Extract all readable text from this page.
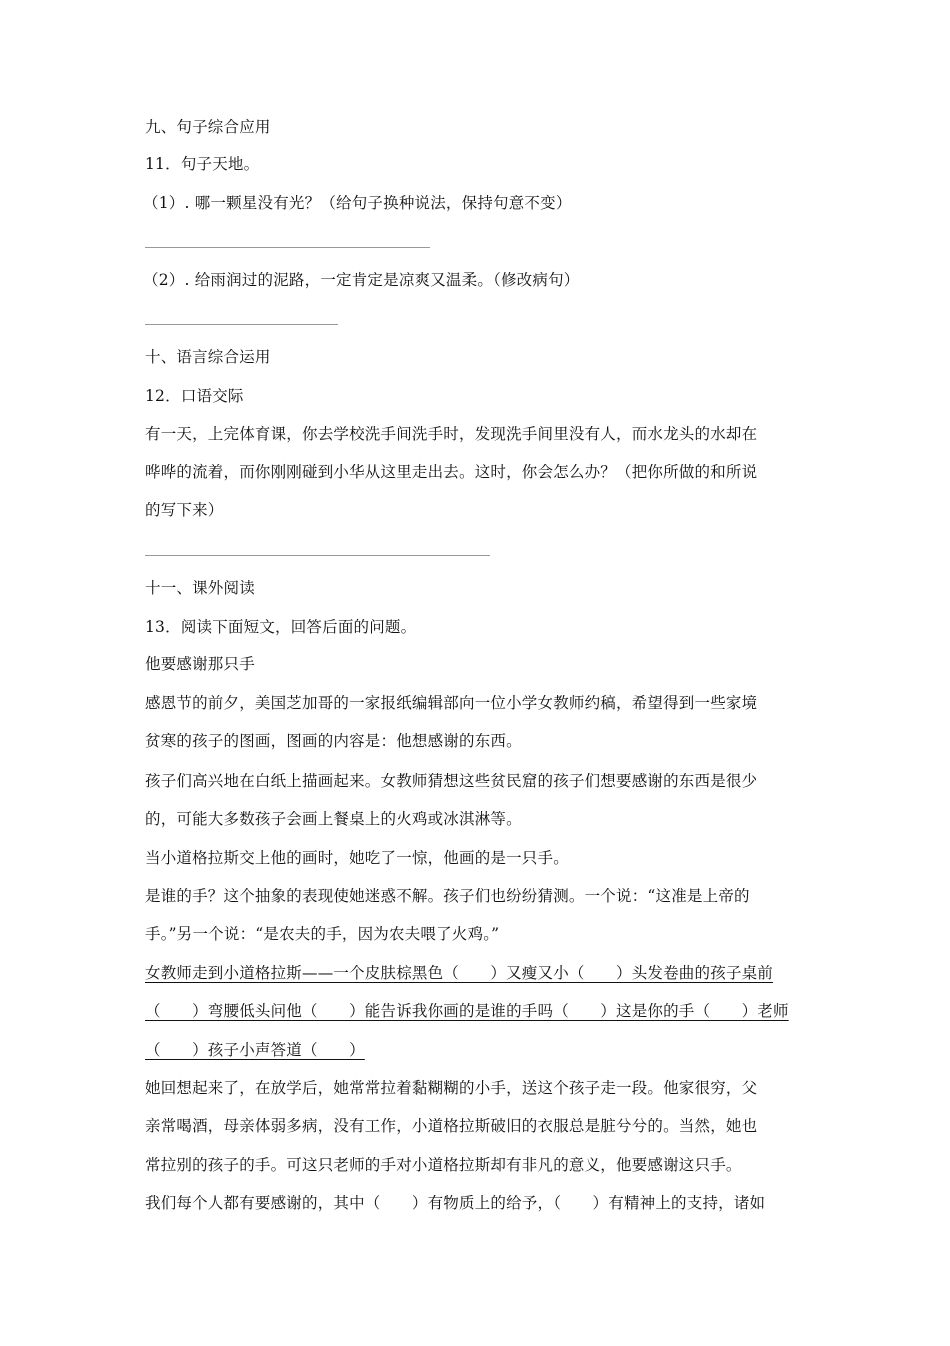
九、句子综合应用
11．句子天地。
（1）. 哪一颗星没有光？（给句子换种说法，保持句意不变）
（2）. 给雨润过的泥路，一定肯定是凉爽又温柔。（修改病句）
十、语言综合运用
12．口语交际
有一天，上完体育课，你去学校洗手间洗手时，发现洗手间里没有人，而水龙头的水却在
哗哗的流着，而你刚刚碰到小华从这里走出去。这时，你会怎么办？（把你所做的和所说
的写下来）
十一、课外阅读
13．阅读下面短文，回答后面的问题。
他要感谢那只手
感恩节的前夕，美国芝加哥的一家报纸编辑部向一位小学女教师约稿，希望得到一些家境
贫寒的孩子的图画，图画的内容是：他想感谢的东西。
孩子们高兴地在白纸上描画起来。女教师猜想这些贫民窟的孩子们想要感谢的东西是很少
的，可能大多数孩子会画上餐桌上的火鸡或冰淇淋等。
当小道格拉斯交上他的画时，她吃了一惊，他画的是一只手。
是谁的手？这个抽象的表现使她迷惑不解。孩子们也纷纷猜测。一个说：“这准是上帝的
手。”另一个说：“是农夫的手，因为农夫喂了火鸡。”
女教师走到小道格拉斯——一个皮肤棕黑色（　　）又瘦又小（　　）头发卷曲的孩子桌前
（　　）弯腰低头问他（　　）能告诉我你画的是谁的手吗（　　）这是你的手（　　）老师
（　　）孩子小声答道（　　）
她回想起来了，在放学后，她常常拉着黏糊糊的小手，送这个孩子走一段。他家很穷，父
亲常喝酒，母亲体弱多病，没有工作，小道格拉斯破旧的衣服总是脏兮兮的。当然，她也
常拉别的孩子的手。可这只老师的手对小道格拉斯却有非凡的意义，他要感谢这只手。
我们每个人都有要感谢的，其中（　　）有物质上的给予，（　　）有精神上的支持，诸如
